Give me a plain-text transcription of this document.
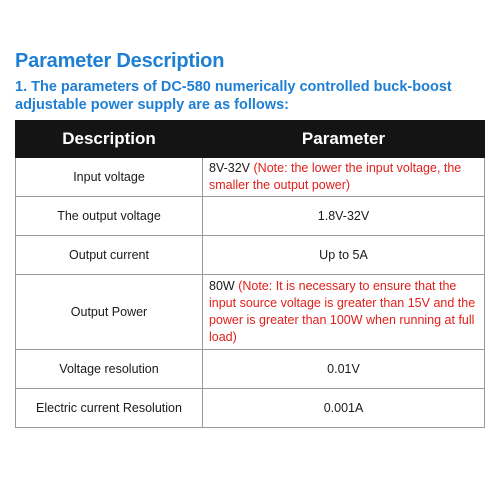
Parameter Description
1. The parameters of DC-580 numerically controlled buck-boost adjustable power supply are as follows:
Description	Parameter
Input voltage	8V-32V (Note: the lower the input voltage, the smaller the output power)
The output voltage	1.8V-32V
Output current	Up to 5A
Output Power	80W (Note: It is necessary to ensure that the input source voltage is greater than 15V and the power is greater than 100W when running at full load)
Voltage resolution	0.01V
Electric current Resolution	0.001A
